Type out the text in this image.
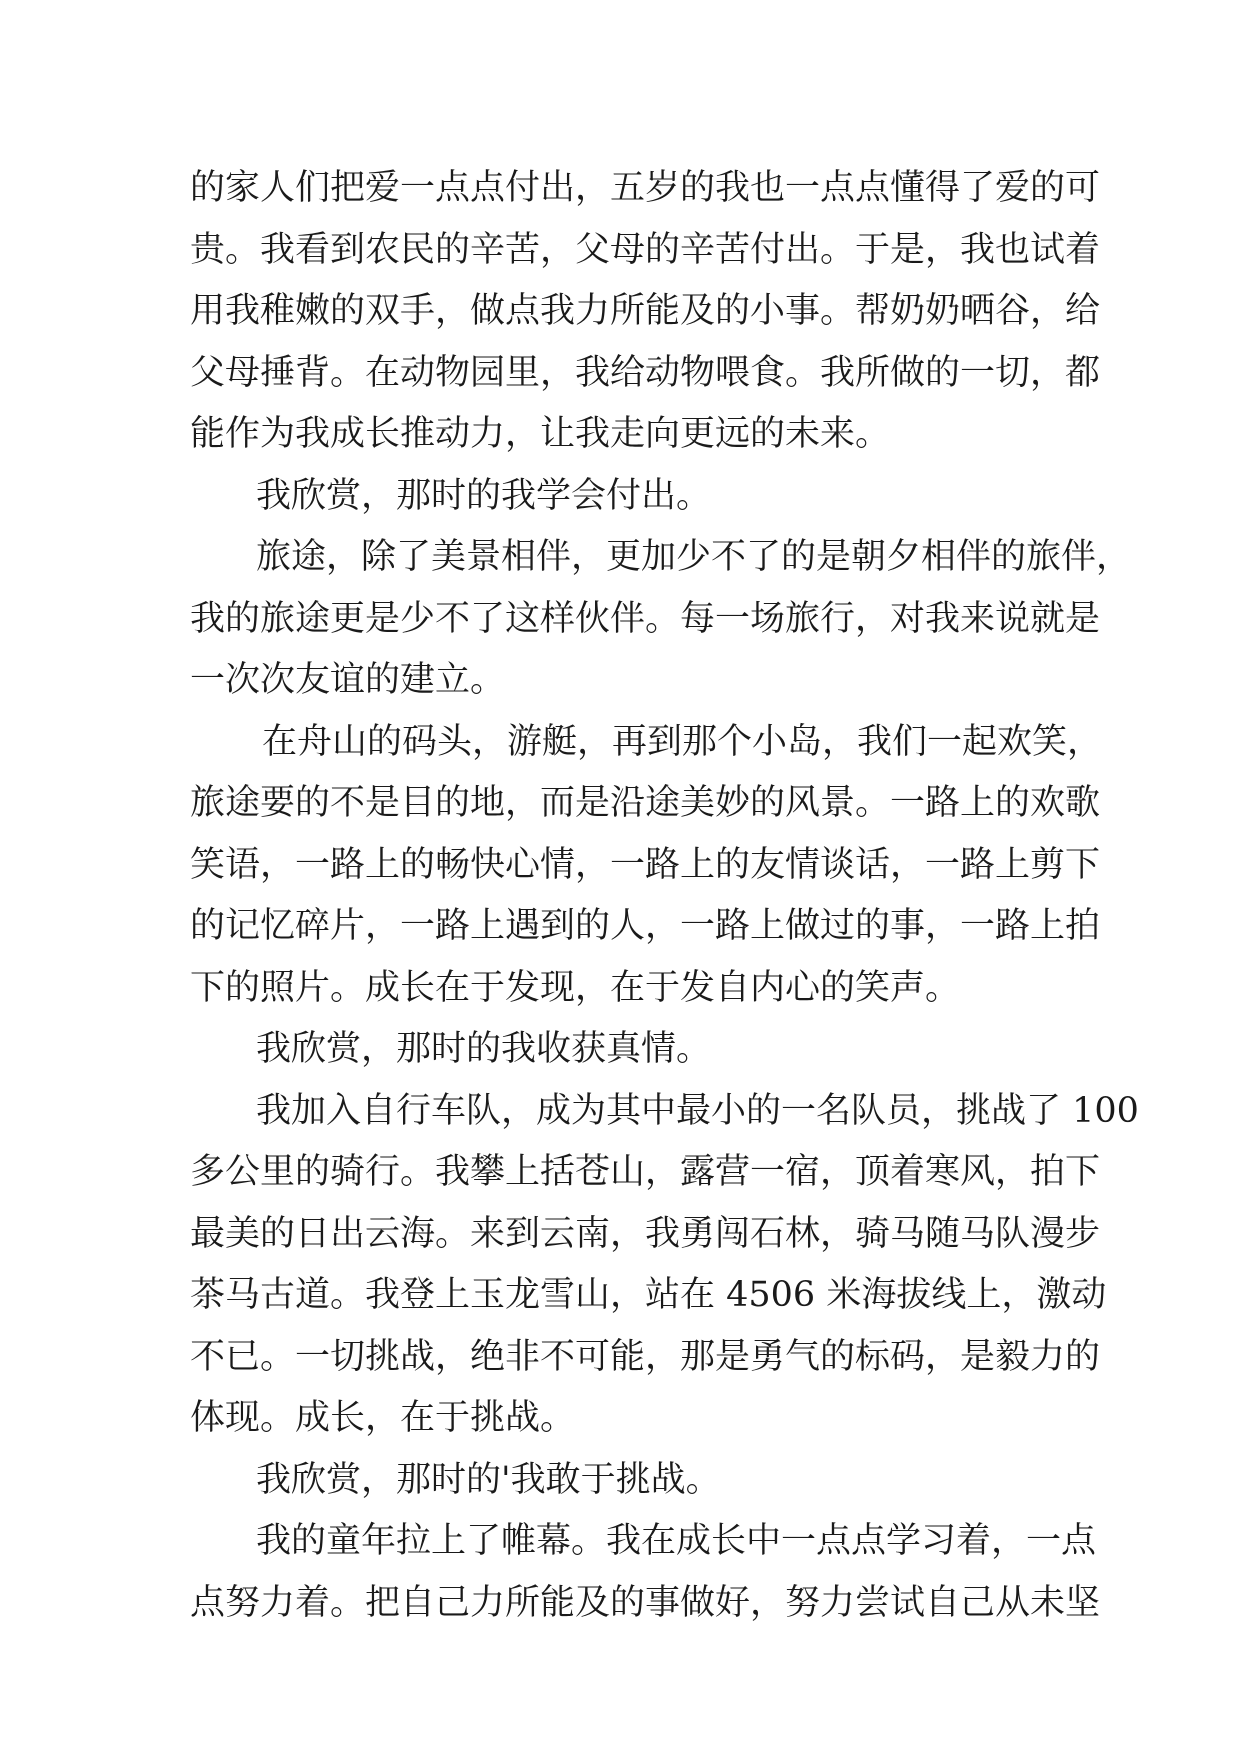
的家人们把爱一点点付出，五岁的我也一点点懂得了爱的可
贵。我看到农民的辛苦，父母的辛苦付出。于是，我也试着
用我稚嫩的双手，做点我力所能及的小事。帮奶奶晒谷，给
父母捶背。在动物园里，我给动物喂食。我所做的一切，都
能作为我成长推动力，让我走向更远的未来。
我欣赏，那时的我学会付出。
旅途，除了美景相伴，更加少不了的是朝夕相伴的旅伴，
我的旅途更是少不了这样伙伴。每一场旅行，对我来说就是
一次次友谊的建立。
在舟山的码头，游艇，再到那个小岛，我们一起欢笑，
旅途要的不是目的地，而是沿途美妙的风景。一路上的欢歌
笑语，一路上的畅快心情，一路上的友情谈话，一路上剪下
的记忆碎片，一路上遇到的人，一路上做过的事，一路上拍
下的照片。成长在于发现，在于发自内心的笑声。
我欣赏，那时的我收获真情。
我加入自行车队，成为其中最小的一名队员，挑战了 100
多公里的骑行。我攀上括苍山，露营一宿，顶着寒风，拍下
最美的日出云海。来到云南，我勇闯石林，骑马随马队漫步
茶马古道。我登上玉龙雪山，站在 4506 米海拔线上，激动
不已。一切挑战，绝非不可能，那是勇气的标码，是毅力的
体现。成长，在于挑战。
我欣赏，那时的'我敢于挑战。
我的童年拉上了帷幕。我在成长中一点点学习着，一点
点努力着。把自己力所能及的事做好，努力尝试自己从未坚
